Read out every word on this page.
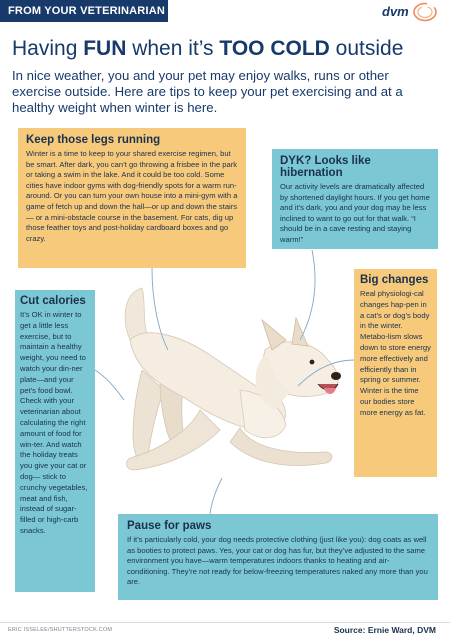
FROM YOUR VETERINARIAN	dvm
Having FUN when it’s TOO COLD outside

In nice weather, you and your pet may enjoy walks, runs or other exercise outside. Here are tips to keep your pet exercising and at a healthy weight when winter is here.

Keep those legs running
Winter is a time to keep to your shared exercise regimen, but be smart. After dark, you can’t go throwing a frisbee in the park or taking a swim in the lake. And it could be too cold. Some cities have indoor gyms with dog-friendly spots for a warm run-around. Or you can turn your own house into a mini-gym with a game of fetch up and down the hall—or up and down the stairs— or a mini-obstacle course in the basement. For cats, dig up those feather toys and post-holiday cardboard boxes and go crazy.
DYK? Looks like hibernation
Our activity levels are dramatically affected by shortened daylight hours. If you get home and it’s dark, you and your dog may be less inclined to want to go out for that walk. “I should be in a cave resting and staying warm!”
Cut calories
It’s OK in winter to get a little less exercise, but to maintain a healthy weight, you need to watch your din-ner plate—and your pet’s food bowl. Check with your veterinarian about calculating the right amount of food for win-ter. And watch the holiday treats you give your cat or dog— stick to crunchy vegetables, meat and fish, instead of sugar-filled or high-carb snacks.
Big changes
Real physiologi-cal changes hap-pen in a cat’s or dog’s body in the winter. Metabo-lism slows down to store energy more effectively and efficiently than in spring or summer. Winter is the time our bodies store more energy as fat.
Pause for paws
If it’s particularly cold, your dog needs protective clothing (just like you): dog coats as well as booties to protect paws. Yes, your cat or dog has fur, but they’ve adjusted to the same environment you have—warm temperatures indoors thanks to heating and air-conditioning. They’re not ready for below-freezing temperatures naked any more than you are.
ERIC ISSELEE/SHUTTERSTOCK.COM	Source: Ernie Ward, DVM
